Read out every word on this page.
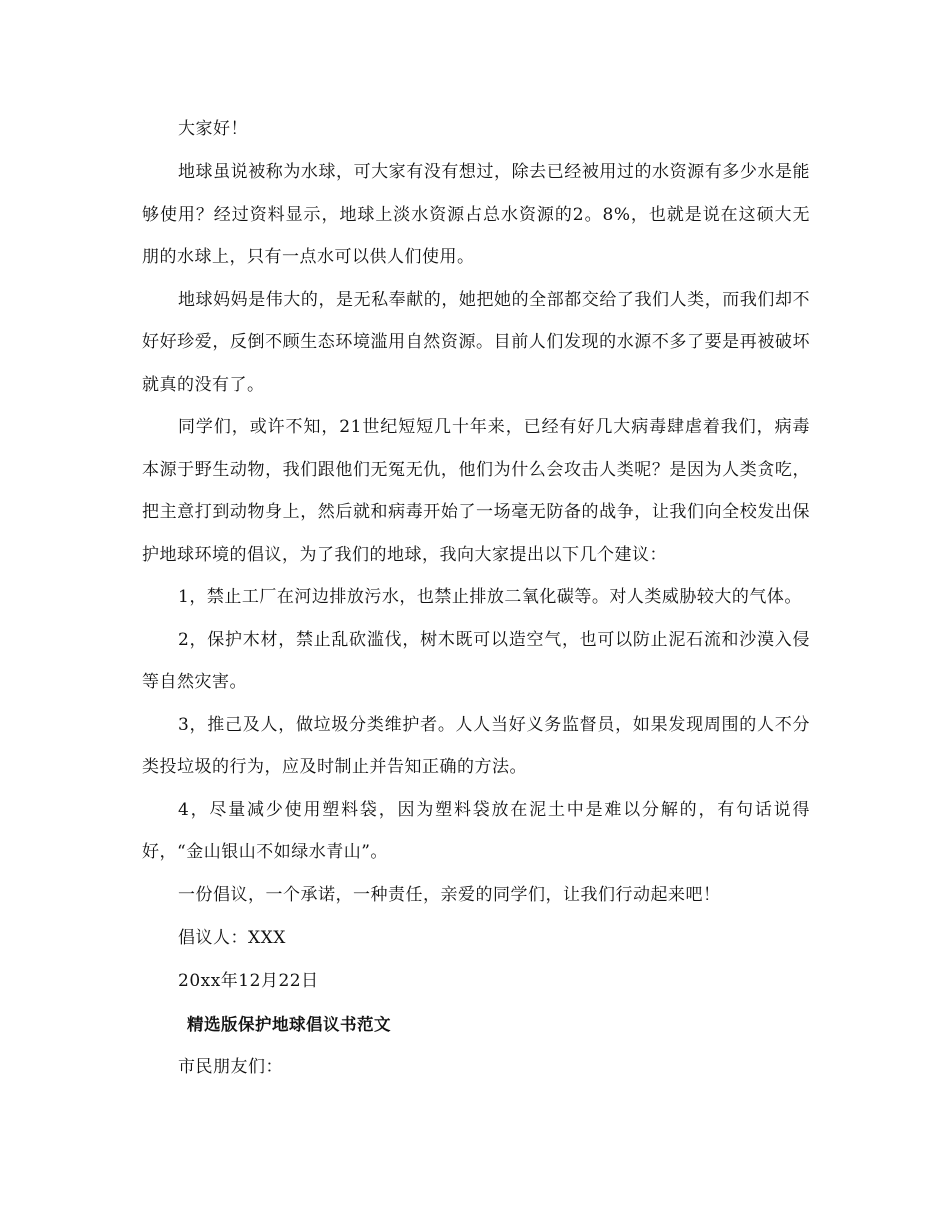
大家好！

地球虽说被称为水球，可大家有没有想过，除去已经被用过的水资源有多少水是能够使用？经过资料显示，地球上淡水资源占总水资源的2。8%，也就是说在这硕大无朋的水球上，只有一点水可以供人们使用。

地球妈妈是伟大的，是无私奉献的，她把她的全部都交给了我们人类，而我们却不好好珍爱，反倒不顾生态环境滥用自然资源。目前人们发现的水源不多了要是再被破坏就真的没有了。

同学们，或许不知，21世纪短短几十年来，已经有好几大病毒肆虐着我们，病毒本源于野生动物，我们跟他们无冤无仇，他们为什么会攻击人类呢？是因为人类贪吃，把主意打到动物身上，然后就和病毒开始了一场毫无防备的战争，让我们向全校发出保护地球环境的倡议，为了我们的地球，我向大家提出以下几个建议：

1，禁止工厂在河边排放污水，也禁止排放二氧化碳等。对人类威胁较大的气体。

2，保护木材，禁止乱砍滥伐，树木既可以造空气，也可以防止泥石流和沙漠入侵等自然灾害。

3，推己及人，做垃圾分类维护者。人人当好义务监督员，如果发现周围的人不分类投垃圾的行为，应及时制止并告知正确的方法。

4，尽量减少使用塑料袋，因为塑料袋放在泥土中是难以分解的，有句话说得好，“金山银山不如绿水青山”。

一份倡议，一个承诺，一种责任，亲爱的同学们，让我们行动起来吧！

倡议人：XXX

20xx年12月22日

精选版保护地球倡议书范文

市民朋友们：
